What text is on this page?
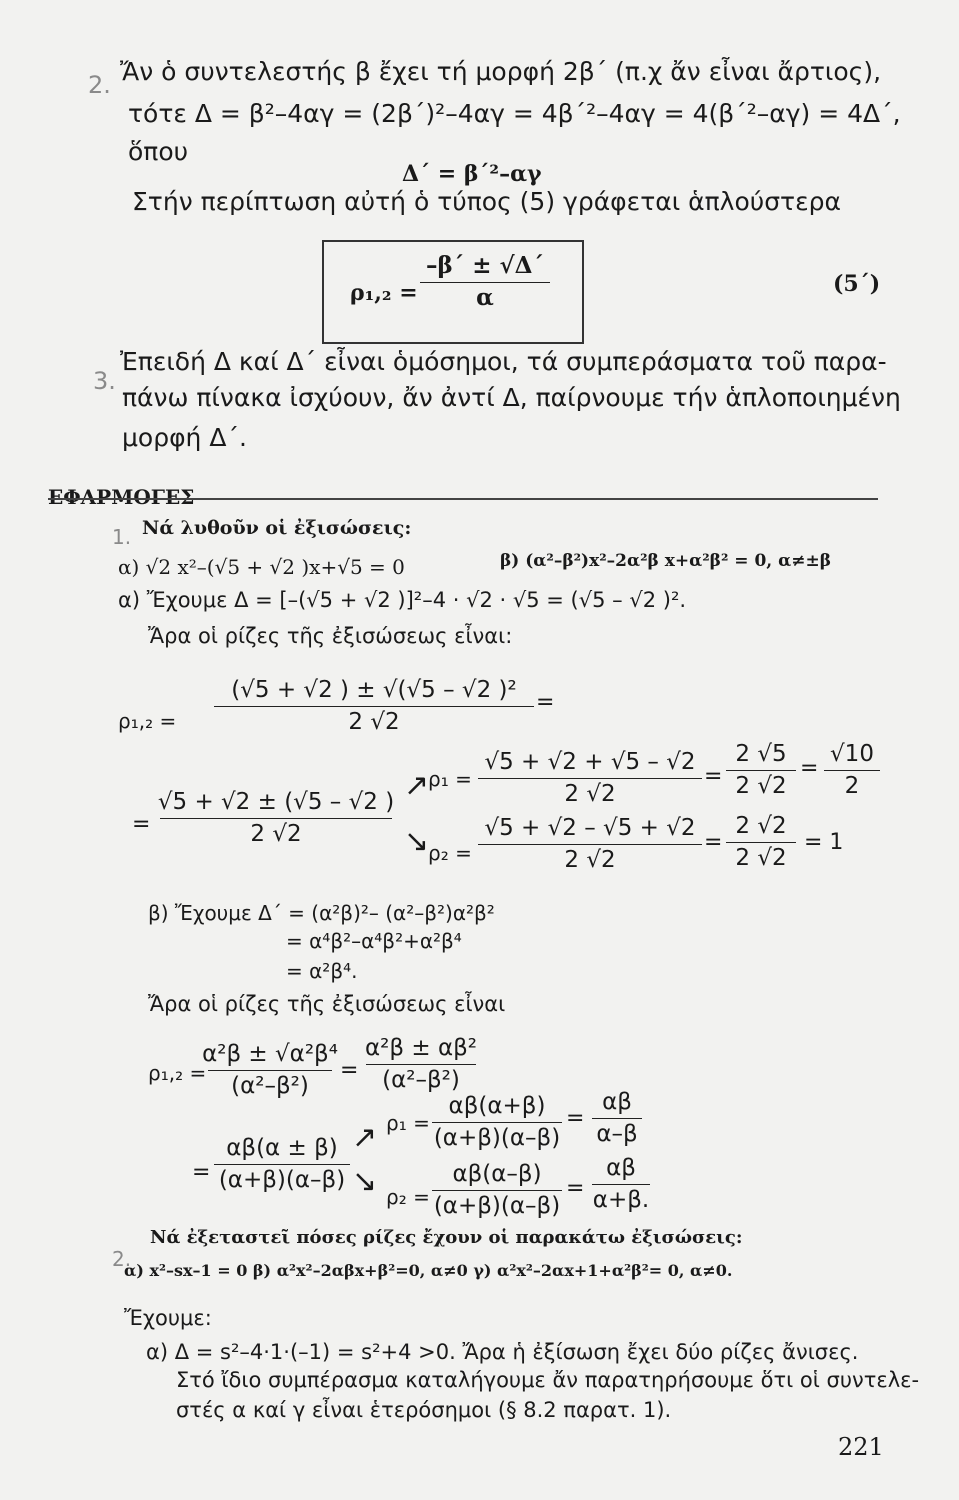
2. Ἄν ὁ συντελεστής β ἔχει τή μορφή 2β΄ (π.χ ἄν εἶναι ἄρτιος),
τότε Δ = β²–4αγ = (2β΄)²–4αγ = 4β΄²–4αγ = 4(β΄²–αγ) = 4Δ΄,
ὅπου
Δ΄ = β΄²–αγ
Στήν περίπτωση αὐτή ὁ τύπος (5) γράφεται ἁπλούστερα
ρ₁,₂ =
–β΄ ± √Δ΄
α	(5΄)
3.
Ἐπειδή Δ καί Δ΄ εἶναι ὁμόσημοι, τά συμπεράσματα τοῦ παρα-
πάνω πίνακα ἰσχύουν, ἄν ἀντί Δ, παίρνουμε τήν ἁπλοποιημένη
μορφή Δ΄.
ΕΦΑΡΜΟΓΕΣ
1. Νά λυθοῦν οἱ ἐξισώσεις:
α) √2 x²–(√5 + √2 )x+√5 = 0	β) (α²–β²)x²–2α²β x+α²β² = 0, α≠±β
α) Ἔχουμε Δ = [–(√5 + √2 )]²–4 · √2 · √5 = (√5 – √2 )².
Ἄρα οἱ ρίζες τῆς ἐξισώσεως εἶναι:
ρ₁,₂ =
(√5 + √2 ) ± √(√5 – √2 )²
2 √2
=
=
√5 + √2 ± (√5 – √2 )
2 √2
↗
↘
ρ₁ =
√5 + √2 + √5 – √2
2 √2
=
2 √5
2 √2
=
√10
2
ρ₂ =
√5 + √2 – √5 + √2
2 √2
=
2 √2
2 √2
= 1
β) Ἔχουμε Δ΄ = (α²β)²– (α²–β²)α²β²
= α⁴β²–α⁴β²+α²β⁴
= α²β⁴.
Ἄρα οἱ ρίζες τῆς ἐξισώσεως εἶναι
ρ₁,₂ =
α²β ± √α²β⁴
(α²–β²)
=
α²β ± αβ²
(α²–β²)
=
αβ(α ± β)
(α+β)(α–β)
↗
↘
ρ₁ =
αβ(α+β)
(α+β)(α–β)
=
αβ
α–β
ρ₂ =
αβ(α–β)
(α+β)(α–β)
=
αβ
α+β.
2.
Νά ἐξεταστεῖ πόσες ρίζες ἔχουν οἱ παρακάτω ἐξισώσεις:
α) x²–sx–1 = 0 β) α²x²–2αβx+β²=0, α≠0 γ) α²x²–2αx+1+α²β²= 0, α≠0.
Ἔχουμε:
α) Δ = s²–4·1·(–1) = s²+4 >0. Ἄρα ἡ ἐξίσωση ἔχει δύο ρίζες ἄνισες.
Στό ἴδιο συμπέρασμα καταλήγουμε ἄν παρατηρήσουμε ὅτι οἱ συντελε-
στές α καί γ εἶναι ἑτερόσημοι (§ 8.2 παρατ. 1).
221
